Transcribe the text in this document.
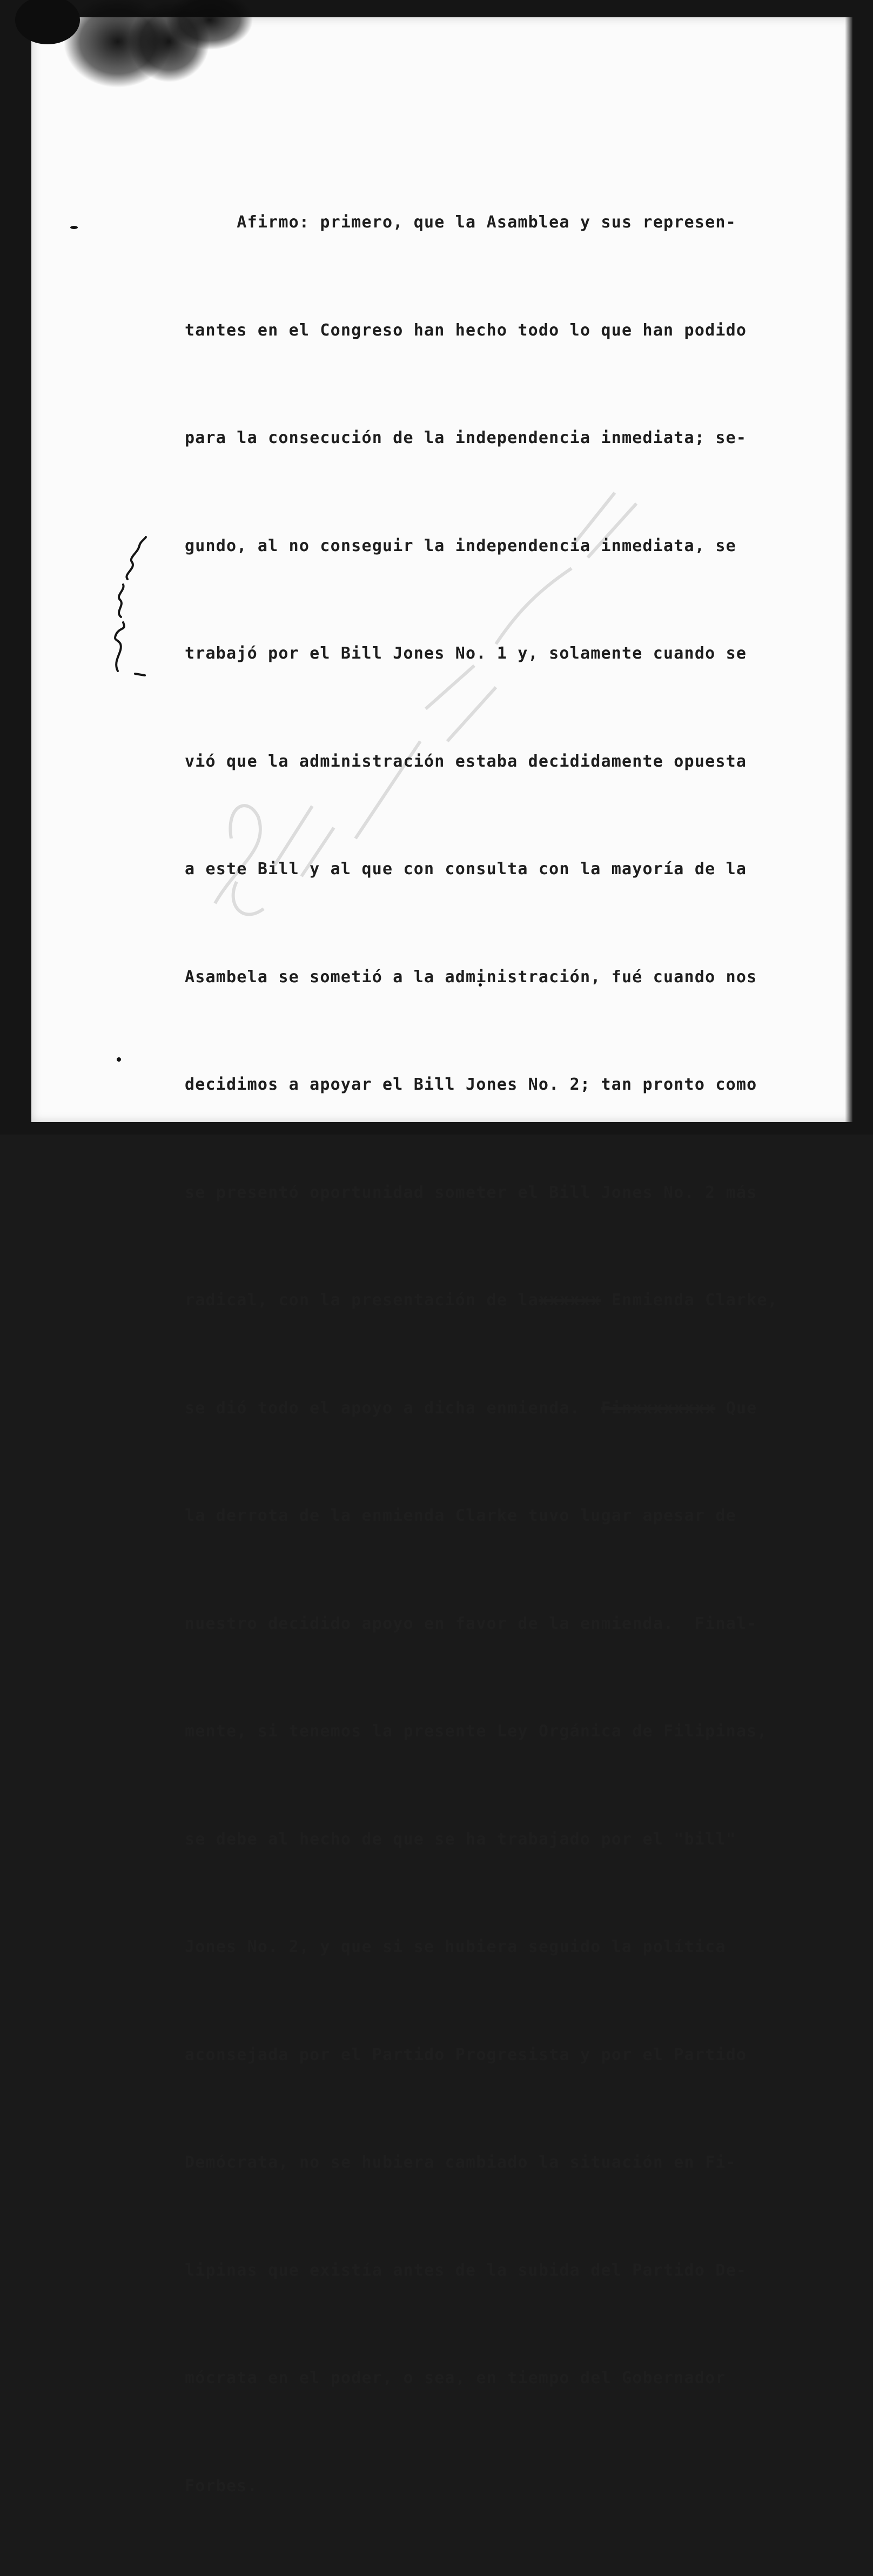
Afirmo: primero, que la Asamblea y sus represen-

tantes en el Congreso han hecho todo lo que han podido

para la consecución de la independencia inmediata; se-

gundo, al no conseguir la independencia inmediata, se

trabajó por el Bill Jones No. 1 y, solamente cuando se

vió que la administración estaba decididamente opuesta

a este Bill y al que con consulta con la mayoría de la

Asambela se sometió a la administración, fué cuando nos

decidimos a apoyar el Bill Jones No. 2; tan pronto como

se presentó oportunidad someter el Bill Jones No. 2 más

radical, con la presentación de laxxxxxx Enmienda Clarke,

se dió todo el apoyo a dicha enmienda.  Finxxxxxxxx Que

la derrota de la enmienda Clarke tuvo lugar apesar de

nuestro decidido apoyo en favor de la enmienda.  Final-

mente, si tenemos la presente Ley Orgánica de Filipinas,

se debe al hecho de que se ha trabajado por el "bill"

Jones No. 2, y que si se hubiera seguido la política

aconsejada por el Partido Progresista y por el Partido

Demócrata, no se hubiera cambiado la situación en Fi-

lipinas que existía antes de la subida del Partido De-

mócrata en el poder, o sea, en tiempo del Gobernador

Forbes.
